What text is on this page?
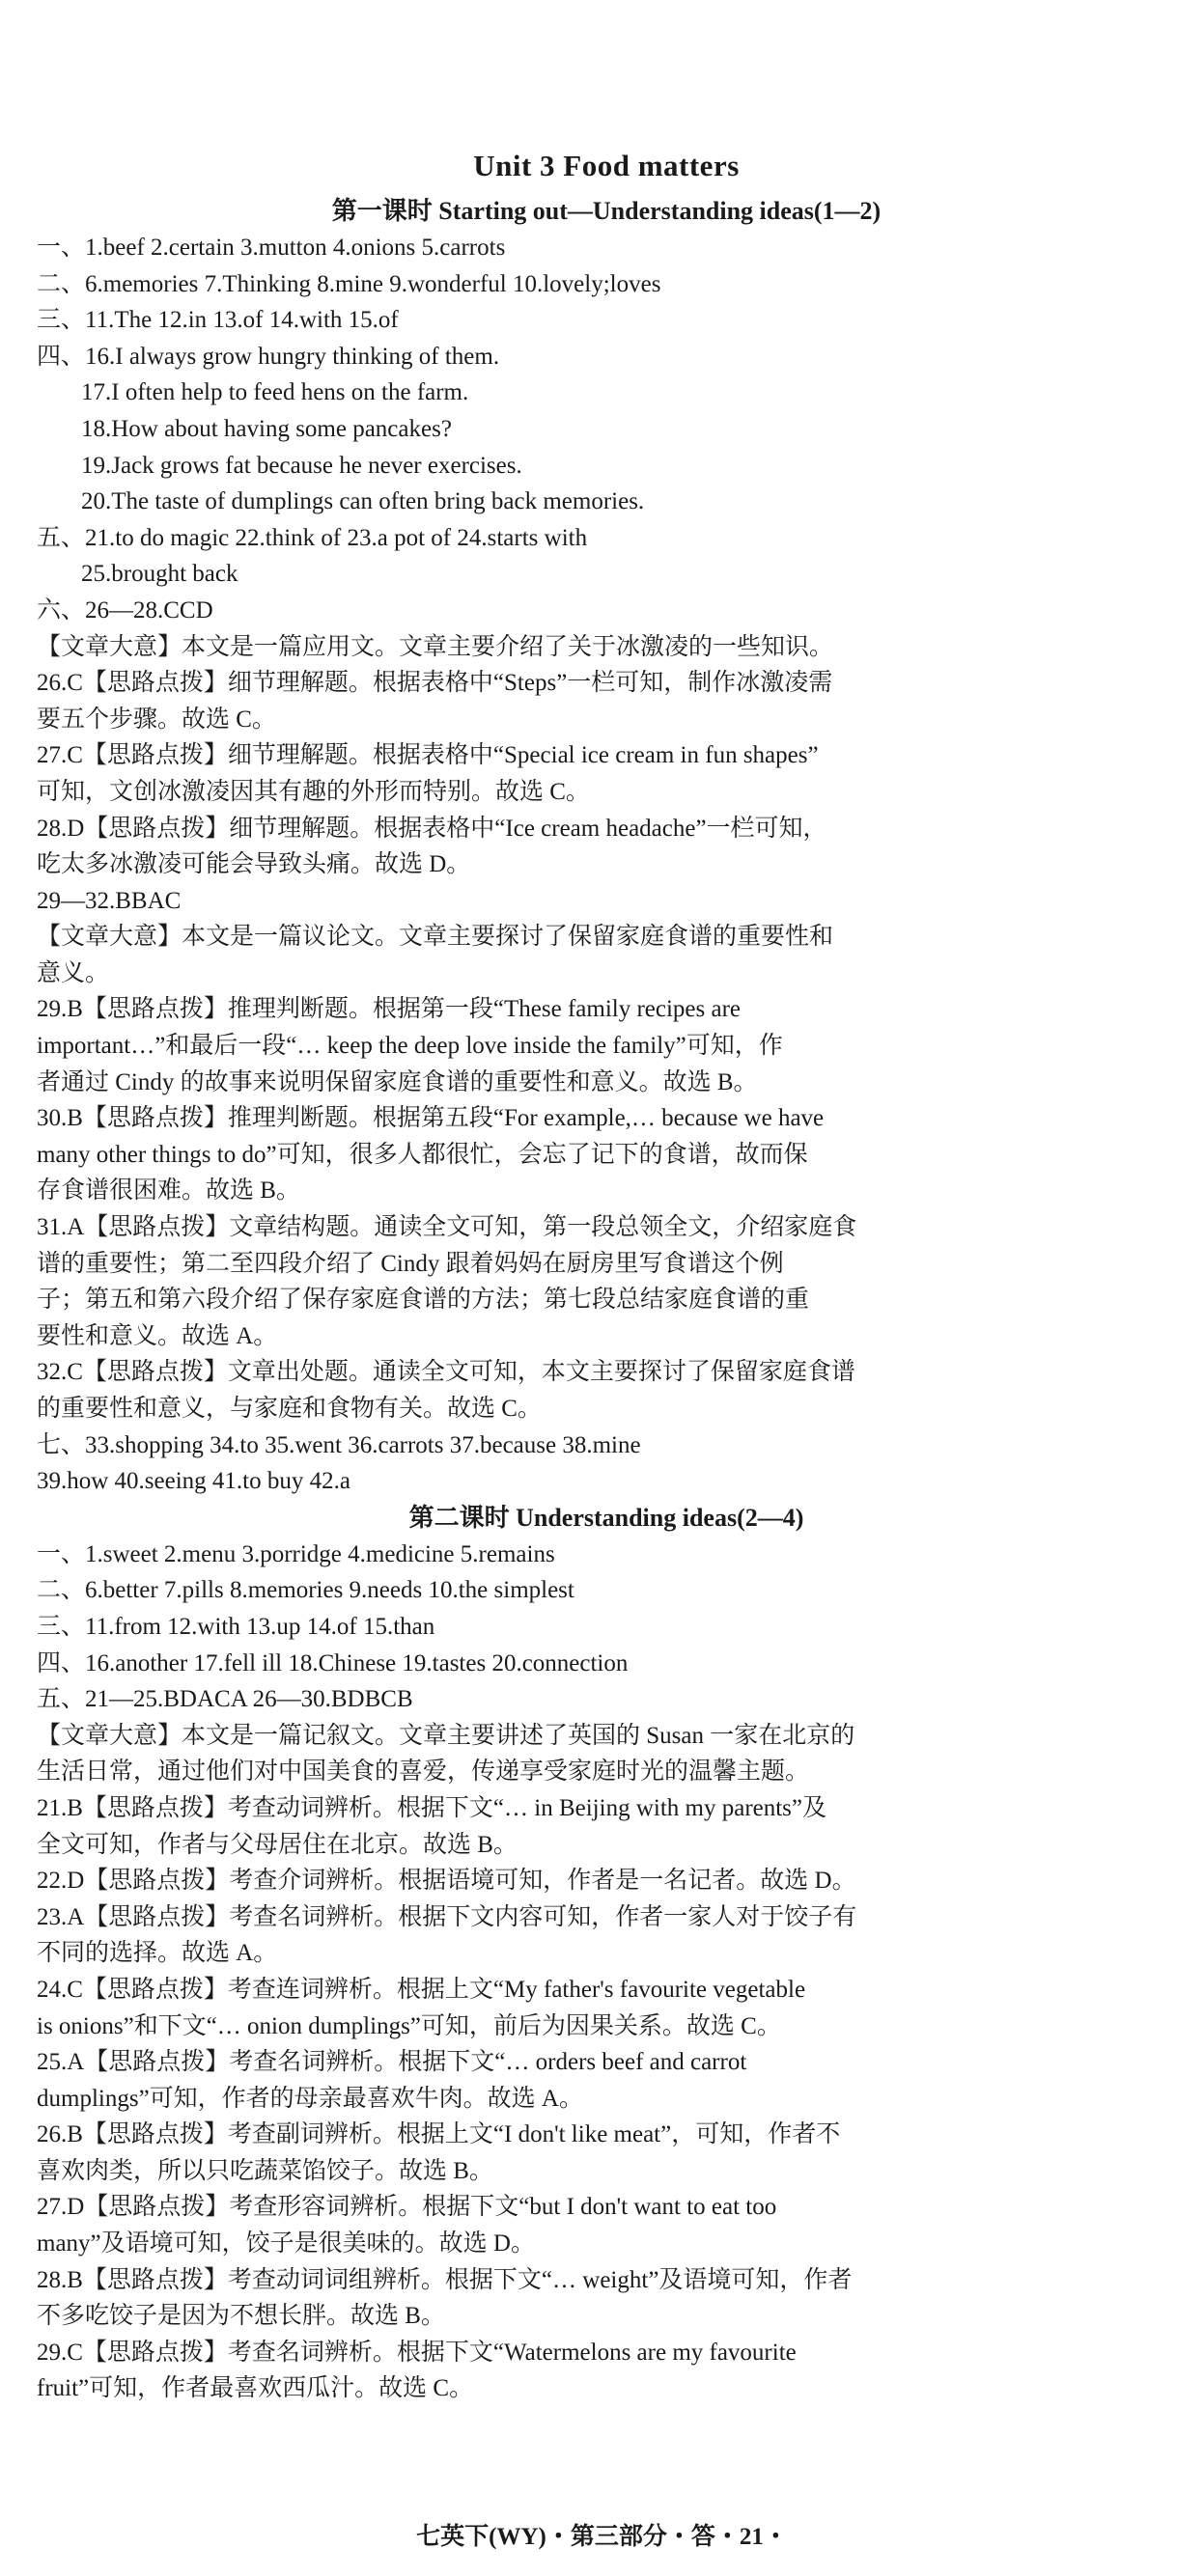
Unit 3 Food matters
第一课时 Starting out—Understanding ideas(1—2)

一、1.beef 2.certain 3.mutton 4.onions 5.carrots

二、6.memories 7.Thinking 8.mine 9.wonderful 10.lovely;loves

三、11.The 12.in 13.of 14.with 15.of

四、16.I always grow hungry thinking of them.

17.I often help to feed hens on the farm.

18.How about having some pancakes?

19.Jack grows fat because he never exercises.

20.The taste of dumplings can often bring back memories.

五、21.to do magic 22.think of 23.a pot of 24.starts with

25.brought back

六、26—28.CCD

【文章大意】本文是一篇应用文。文章主要介绍了关于冰激凌的一些知识。

26.C【思路点拨】细节理解题。根据表格中“Steps”一栏可知，制作冰激凌需

要五个步骤。故选 C。

27.C【思路点拨】细节理解题。根据表格中“Special ice cream in fun shapes”

可知，文创冰激凌因其有趣的外形而特别。故选 C。

28.D【思路点拨】细节理解题。根据表格中“Ice cream headache”一栏可知，

吃太多冰激凌可能会导致头痛。故选 D。

29—32.BBAC

【文章大意】本文是一篇议论文。文章主要探讨了保留家庭食谱的重要性和

意义。

29.B【思路点拨】推理判断题。根据第一段“These family recipes are

important…”和最后一段“… keep the deep love inside the family”可知，作

者通过 Cindy 的故事来说明保留家庭食谱的重要性和意义。故选 B。

30.B【思路点拨】推理判断题。根据第五段“For example,… because we have

many other things to do”可知，很多人都很忙，会忘了记下的食谱，故而保

存食谱很困难。故选 B。

31.A【思路点拨】文章结构题。通读全文可知，第一段总领全文，介绍家庭食

谱的重要性；第二至四段介绍了 Cindy 跟着妈妈在厨房里写食谱这个例

子；第五和第六段介绍了保存家庭食谱的方法；第七段总结家庭食谱的重

要性和意义。故选 A。

32.C【思路点拨】文章出处题。通读全文可知，本文主要探讨了保留家庭食谱

的重要性和意义，与家庭和食物有关。故选 C。

七、33.shopping 34.to 35.went 36.carrots 37.because 38.mine

39.how 40.seeing 41.to buy 42.a

第二课时 Understanding ideas(2—4)

一、1.sweet 2.menu 3.porridge 4.medicine 5.remains

二、6.better 7.pills 8.memories 9.needs 10.the simplest

三、11.from 12.with 13.up 14.of 15.than

四、16.another 17.fell ill 18.Chinese 19.tastes 20.connection

五、21—25.BDACA 26—30.BDBCB

【文章大意】本文是一篇记叙文。文章主要讲述了英国的 Susan 一家在北京的

生活日常，通过他们对中国美食的喜爱，传递享受家庭时光的温馨主题。

21.B【思路点拨】考查动词辨析。根据下文“… in Beijing with my parents”及

全文可知，作者与父母居住在北京。故选 B。

22.D【思路点拨】考查介词辨析。根据语境可知，作者是一名记者。故选 D。

23.A【思路点拨】考查名词辨析。根据下文内容可知，作者一家人对于饺子有

不同的选择。故选 A。

24.C【思路点拨】考查连词辨析。根据上文“My father's favourite vegetable

is onions”和下文“… onion dumplings”可知，前后为因果关系。故选 C。

25.A【思路点拨】考查名词辨析。根据下文“… orders beef and carrot

dumplings”可知，作者的母亲最喜欢牛肉。故选 A。

26.B【思路点拨】考查副词辨析。根据上文“I don't like meat”，可知，作者不

喜欢肉类，所以只吃蔬菜馅饺子。故选 B。

27.D【思路点拨】考查形容词辨析。根据下文“but I don't want to eat too

many”及语境可知，饺子是很美味的。故选 D。

28.B【思路点拨】考查动词词组辨析。根据下文“… weight”及语境可知，作者

不多吃饺子是因为不想长胖。故选 B。

29.C【思路点拨】考查名词辨析。根据下文“Watermelons are my favourite

fruit”可知，作者最喜欢西瓜汁。故选 C。

七英下(WY)・第三部分・答・21・
